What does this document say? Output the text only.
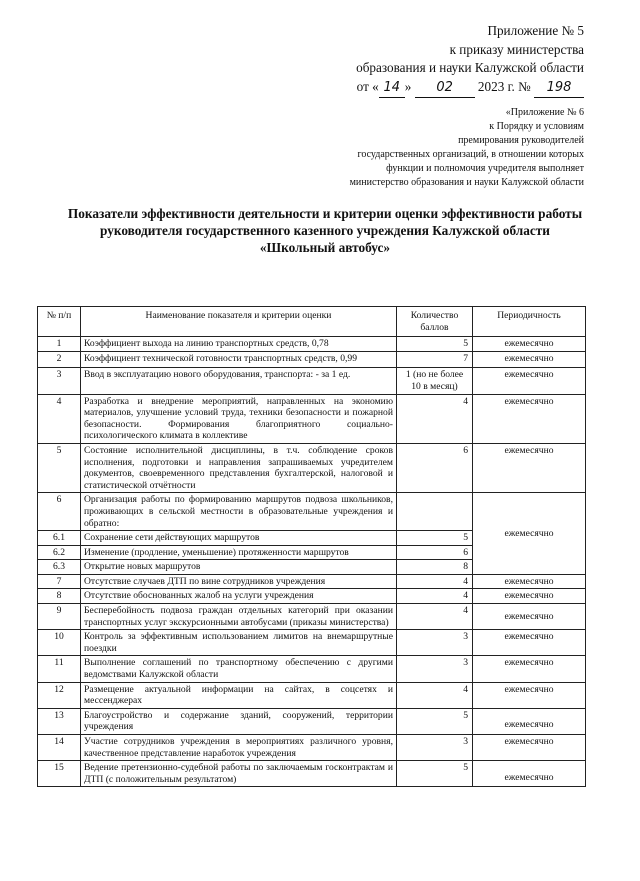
Приложение № 5
к приказу министерства
образования и науки Калужской области
от « 14 » 02 2023 г. № 198
«Приложение № 6
к Порядку и условиям
премирования руководителей
государственных организаций, в отношении которых
функции и полномочия учредителя выполняет
министерство образования и науки Калужской области
Показатели эффективности деятельности и критерии оценки эффективности работы
руководителя государственного казенного учреждения Калужской области
«Школьный автобус»
№ п/п	Наименование показателя и критерии оценки	Количество баллов	Периодичность
1	Коэффициент выхода на линию транспортных средств, 0,78	5	ежемесячно
2	Коэффициент технической готовности транспортных средств, 0,99	7	ежемесячно
3	Ввод в эксплуатацию нового оборудования, транспорта: - за 1 ед.	1 (но не более 10 в месяц)	ежемесячно
4	Разработка и внедрение мероприятий, направленных на экономию материалов, улучшение условий труда, техники безопасности и пожарной безопасности. Формирования благоприятного социально-психологического климата в коллективе	4	ежемесячно
5	Состояние исполнительной дисциплины, в т.ч. соблюдение сроков исполнения, подготовки и направления запрашиваемых учредителем документов, своевременного представления бухгалтерской, налоговой и статистической отчётности	6	ежемесячно
6	Организация работы по формированию маршрутов подвоза школьников, проживающих в сельской местности в образовательные учреждения и обратно:		ежемесячно
6.1	Сохранение сети действующих маршрутов	5	
6.2	Изменение (продление, уменьшение) протяженности маршрутов	6	
6.3	Открытие новых маршрутов	8	
7	Отсутствие случаев ДТП по вине сотрудников учреждения	4	ежемесячно
8	Отсутствие обоснованных жалоб на услуги учреждения	4	ежемесячно
9	Бесперебойность подвоза граждан отдельных категорий при оказании транспортных услуг экскурсионными автобусами (приказы министерства)	4	ежемесячно
10	Контроль за эффективным использованием лимитов на внемаршрутные поездки	3	ежемесячно
11	Выполнение соглашений по транспортному обеспечению с другими ведомствами Калужской области	3	ежемесячно
12	Размещение актуальной информации на сайтах, в соцсетях и мессенджерах	4	ежемесячно
13	Благоустройство и содержание зданий, сооружений, территории учреждения	5	ежемесячно
14	Участие сотрудников учреждения в мероприятиях различного уровня, качественное представление наработок учреждения	3	ежемесячно
15	Ведение претензионно-судебной работы по заключаемым госконтрактам и ДТП (с положительным результатом)	5	ежемесячно
